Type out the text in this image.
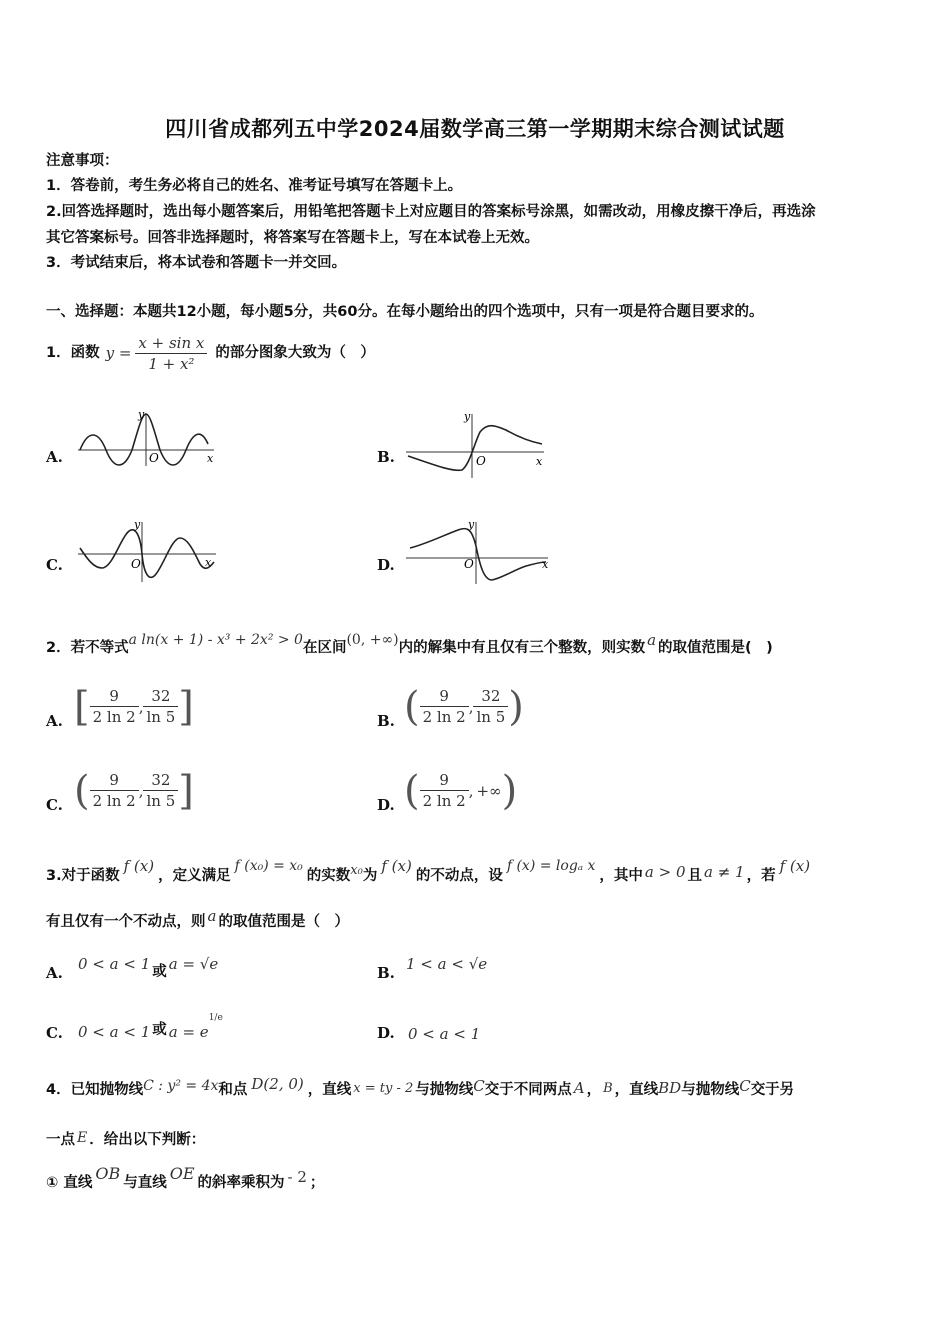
四川省成都列五中学2024届数学高三第一学期期末综合测试试题
注意事项：
1．答卷前，考生务必将自己的姓名、准考证号填写在答题卡上。
2.回答选择题时，选出每小题答案后，用铅笔把答题卡上对应题目的答案标号涂黑，如需改动，用橡皮擦干净后，再选涂
其它答案标号。回答非选择题时，将答案写在答题卡上，写在本试卷上无效。
3．考试结束后，将本试卷和答题卡一并交回。
一、选择题：本题共12小题，每小题5分，共60分。在每小题给出的四个选项中，只有一项是符合题目要求的。
1．函数 $y = \frac{\text{x + sin x}}{\text{1 + x²}}$ 的部分图象大致为（　）
A.
y
O	x	B.
y
O	x
C.
y
O	x	D.
y
O	x
2．若不等式 a ln(x + 1) - x³ + 2x² > 0 在区间 (0, +∞) 内的解集中有且仅有三个整数，则实数 a 的取值范围是(　)
A. [ $\frac{9}{2 \ln 2}$ , $\frac{32}{\ln 5}$ ]	B. ( $\frac{9}{2 \ln 2}$ , $\frac{32}{\ln 5}$ )
C. ( $\frac{9}{2 \ln 2}$ , $\frac{32}{\ln 5}$ ]	D. ( $\frac{9}{2 \ln 2}$ , +∞ )
3.对于函数
f (x)
，定义满足
f (x₀) = x₀
的实数 x₀ 为
f (x)
的不动点，设
f (x) = logₐ x
，其中 a > 0 且 a ≠ 1 ，若
f (x)
有且仅有一个不动点，则 a 的取值范围是（　）
A. 0 < a < 1 或 a = √e	B. 1 < a < √e
C. 0 < a < 1 或 a = e
1/e
D. 0 < a < 1
4．已知抛物线 C : y² = 4x 和点 D(2, 0) ，直线 x = ty - 2 与抛物线 C 交于不同两点 A ， B ，直线 BD 与抛物线 C 交于另
一点 E ．给出以下判断：
① 直线
OB
与直线
OE
的斜率乘积为 - 2 ；
